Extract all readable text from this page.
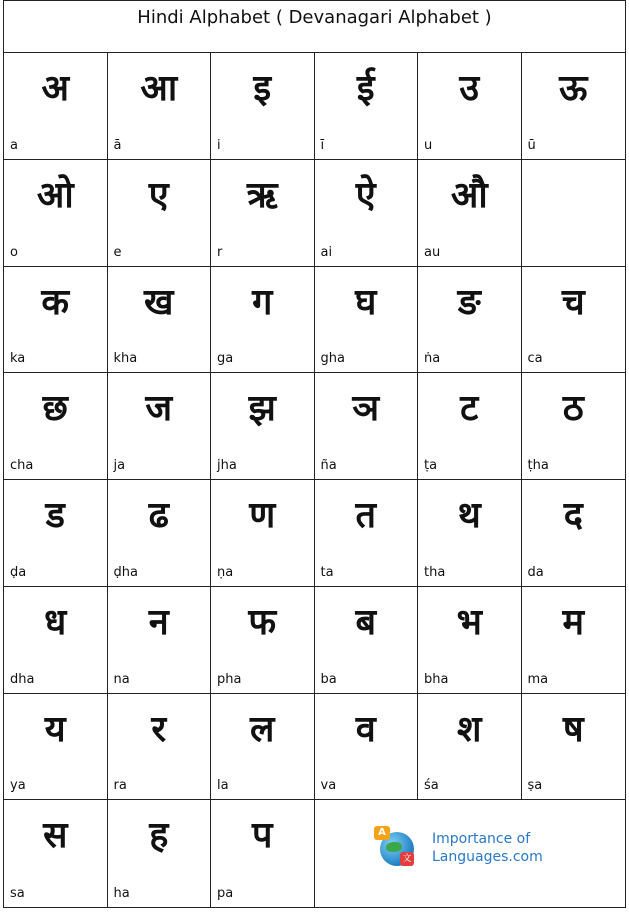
Hindi Alphabet ( Devanagari Alphabet )
अ
a
आ
ā
इ
i
ई
ī
उ
u
ऊ
ū
ओ
o
ए
e
ऋ
r
ऐ
ai
औ
au
क
ka
ख
kha
ग
ga
घ
gha
ङ
ṅa
च
ca
छ
cha
ज
ja
झ
jha
ञ
ña
ट
ṭa
ठ
ṭha
ड
ḍa
ढ
ḍha
ण
ṇa
त
ta
थ
tha
द
da
ध
dha
न
na
फ
pha
ब
ba
भ
bha
म
ma
य
ya
र
ra
ल
la
व
va
श
śa
ष
ṣa
स
sa
ह
ha
प
pa
A
文
Importance of
Languages.com
